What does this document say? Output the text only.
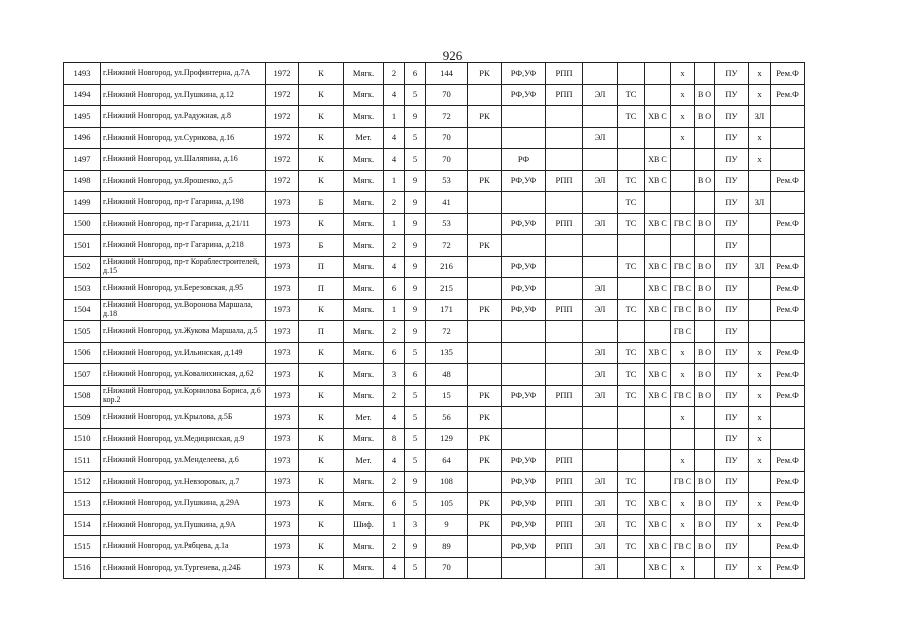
926
1493	г.Нижний Новгород, ул.Профинтерна, д.7А	1972	К	Мягк.	2	6	144	РК	РФ,УФ	РПП				х		ПУ	х	Рем.Ф
1494	г.Нижний Новгород, ул.Пушкина, д.12	1972	К	Мягк.	4	5	70		РФ,УФ	РПП	ЭЛ	ТС		х	В О	ПУ	х	Рем.Ф
1495	г.Нижний Новгород, ул.Радужная, д.8	1972	К	Мягк.	1	9	72	РК				ТС	ХВ С	х	В О	ПУ	ЗЛ	
1496	г.Нижний Новгород, ул.Сурикова, д.16	1972	К	Мет.	4	5	70				ЭЛ			х		ПУ	х	
1497	г.Нижний Новгород, ул.Шаляпина, д.16	1972	К	Мягк.	4	5	70		РФ				ХВ С			ПУ	х	
1498	г.Нижний Новгород, ул.Ярошенко, д.5	1972	К	Мягк.	1	9	53	РК	РФ,УФ	РПП	ЭЛ	ТС	ХВ С		В О	ПУ		Рем.Ф
1499	г.Нижний Новгород, пр-т Гагарина, д.198	1973	Б	Мягк.	2	9	41					ТС				ПУ	ЗЛ	
1500	г.Нижний Новгород, пр-т Гагарина, д.21/11	1973	К	Мягк.	1	9	53		РФ,УФ	РПП	ЭЛ	ТС	ХВ С	ГВ С	В О	ПУ		Рем.Ф
1501	г.Нижний Новгород, пр-т Гагарина, д.218	1973	Б	Мягк.	2	9	72	РК								ПУ		
1502	г.Нижний Новгород, пр-т Кораблестроителей, д.15	1973	П	Мягк.	4	9	216		РФ,УФ			ТС	ХВ С	ГВ С	В О	ПУ	ЗЛ	Рем.Ф
1503	г.Нижний Новгород, ул.Березовская, д.95	1973	П	Мягк.	6	9	215		РФ,УФ		ЭЛ		ХВ С	ГВ С	В О	ПУ		Рем.Ф
1504	г.Нижний Новгород, ул.Воронова Маршала, д.18	1973	К	Мягк.	1	9	171	РК	РФ,УФ	РПП	ЭЛ	ТС	ХВ С	ГВ С	В О	ПУ		Рем.Ф
1505	г.Нижний Новгород, ул.Жукова Маршала, д.5	1973	П	Мягк.	2	9	72							ГВ С		ПУ		
1506	г.Нижний Новгород, ул.Ильинская, д.149	1973	К	Мягк.	6	5	135				ЭЛ	ТС	ХВ С	х	В О	ПУ	х	Рем.Ф
1507	г.Нижний Новгород, ул.Ковалихинская, д.62	1973	К	Мягк.	3	6	48				ЭЛ	ТС	ХВ С	х	В О	ПУ	х	Рем.Ф
1508	г.Нижний Новгород, ул.Корнилова Бориса, д.6 кор.2	1973	К	Мягк.	2	5	15	РК	РФ,УФ	РПП	ЭЛ	ТС	ХВ С	ГВ С	В О	ПУ	х	Рем.Ф
1509	г.Нижний Новгород, ул.Крылова, д.5Б	1973	К	Мет.	4	5	56	РК						х		ПУ	х	
1510	г.Нижний Новгород, ул.Медицинская, д.9	1973	К	Мягк.	8	5	129	РК								ПУ	х	
1511	г.Нижний Новгород, ул.Менделеева, д.6	1973	К	Мет.	4	5	64	РК	РФ,УФ	РПП				х		ПУ	х	Рем.Ф
1512	г.Нижний Новгород, ул.Невзоровых, д.7	1973	К	Мягк.	2	9	108		РФ,УФ	РПП	ЭЛ	ТС		ГВ С	В О	ПУ		Рем.Ф
1513	г.Нижний Новгород, ул.Пушкина, д.29А	1973	К	Мягк.	6	5	105	РК	РФ,УФ	РПП	ЭЛ	ТС	ХВ С	х	В О	ПУ	х	Рем.Ф
1514	г.Нижний Новгород, ул.Пушкина, д.9А	1973	К	Шиф.	1	3	9	РК	РФ,УФ	РПП	ЭЛ	ТС	ХВ С	х	В О	ПУ	х	Рем.Ф
1515	г.Нижний Новгород, ул.Рябцева, д.1а	1973	К	Мягк.	2	9	89		РФ,УФ	РПП	ЭЛ	ТС	ХВ С	ГВ С	В О	ПУ		Рем.Ф
1516	г.Нижний Новгород, ул.Тургенева, д.24Б	1973	К	Мягк.	4	5	70				ЭЛ		ХВ С	х		ПУ	х	Рем.Ф
